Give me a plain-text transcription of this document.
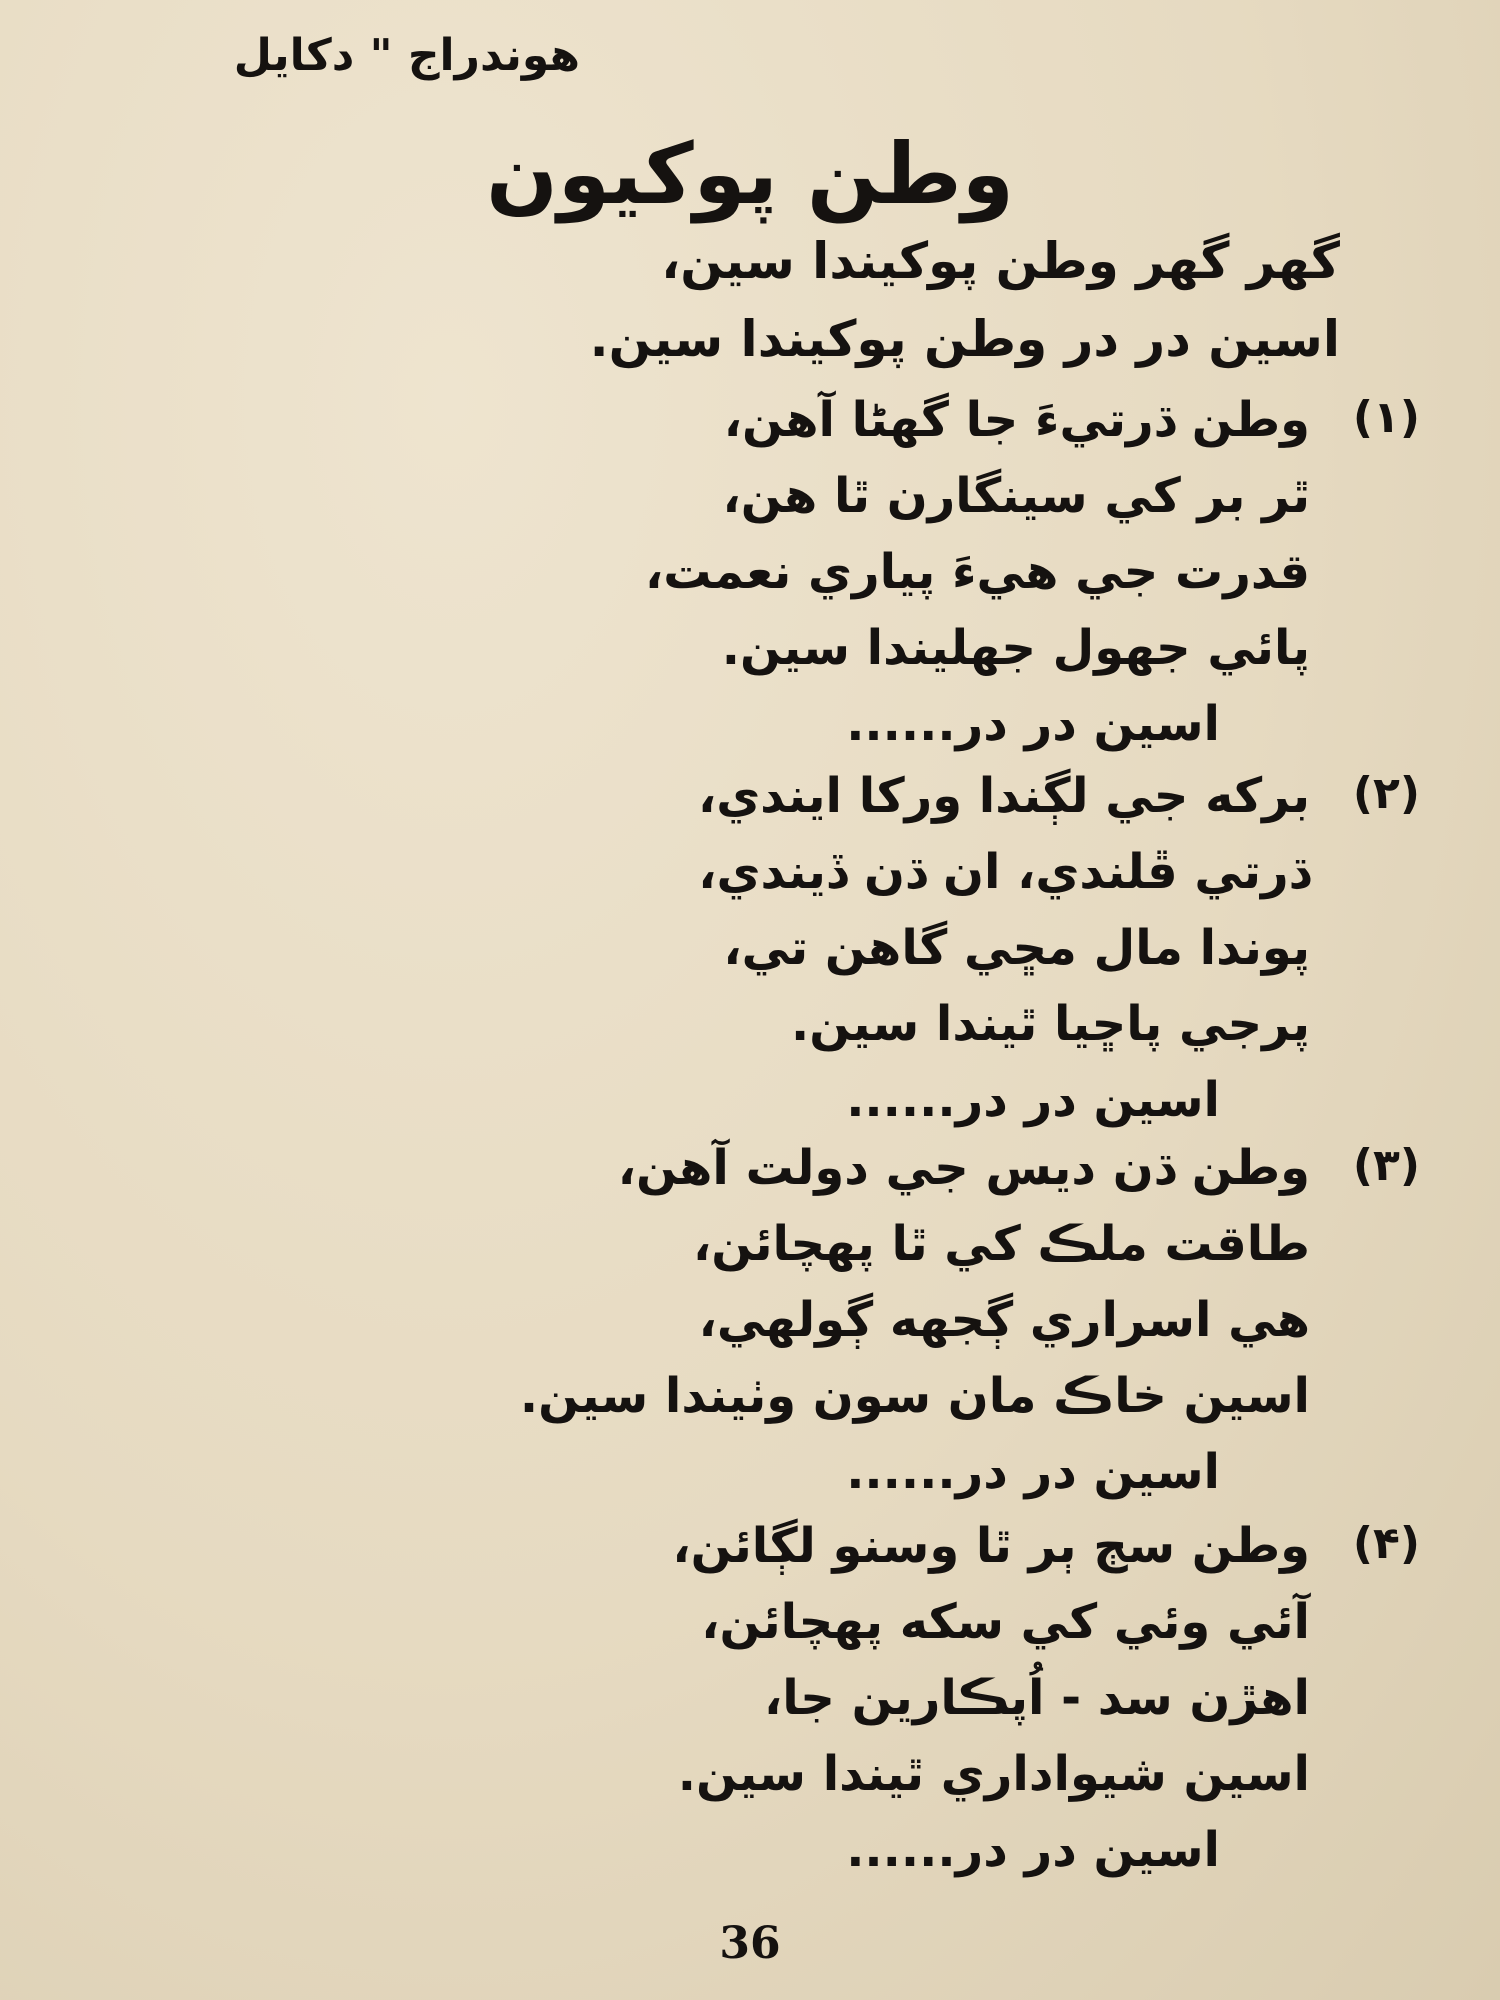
هوندراج " دکايل
وطن پوکيون
گهر گهر وطن پوکيندا سين،
اسين در در وطن پوکيندا سين.
(۱)
وطن ڌرتيءَ جا گهڻا آهن،
ٿر بر کي سينگارن ٿا هن،
قدرت جي هيءَ پياري نعمت،
پائي جهول جهليندا سين.
اسين در در......
(۲)
برکه جي لڳندا ورکا ايندي،
ڌرتي ڦلندي، ان ڌن ڏيندي،
پوندا مال مڇي گاهن تي،
پرجي پاڇيا ٿيندا سين.
اسين در در......
(۳)
وطن ڌن ديس جي دولت آهن،
طاقت ملڪ کي ٿا پهچائن،
هي اسراري ڳجهه ڳولهي،
اسين خاڪ مان سون وٺيندا سين.
اسين در در......
(۴)
وطن سڄ ٻر ٿا وسنو لڳائن،
آئي وئي کي سکه پهچائن،
اهڙن سد - اُپڪارين جا،
اسين شيواداري ٿيندا سين.
اسين در در......
36
